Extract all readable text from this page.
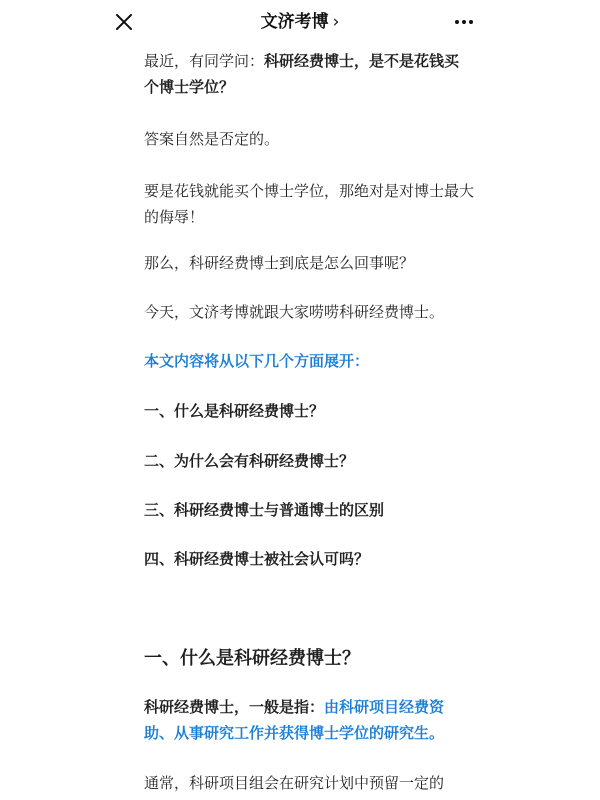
文济考博 ›

最近，有同学问：科研经费博士，是不是花钱买个博士学位？

答案自然是否定的。

要是花钱就能买个博士学位，那绝对是对博士最大的侮辱！

那么，科研经费博士到底是怎么回事呢？

今天，文济考博就跟大家唠唠科研经费博士。

本文内容将从以下几个方面展开：

一、什么是科研经费博士？

二、为什么会有科研经费博士？

三、科研经费博士与普通博士的区别

四、科研经费博士被社会认可吗？

一、什么是科研经费博士？

科研经费博士，一般是指：由科研项目经费资助、从事研究工作并获得博士学位的研究生。

通常，科研项目组会在研究计划中预留一定的
